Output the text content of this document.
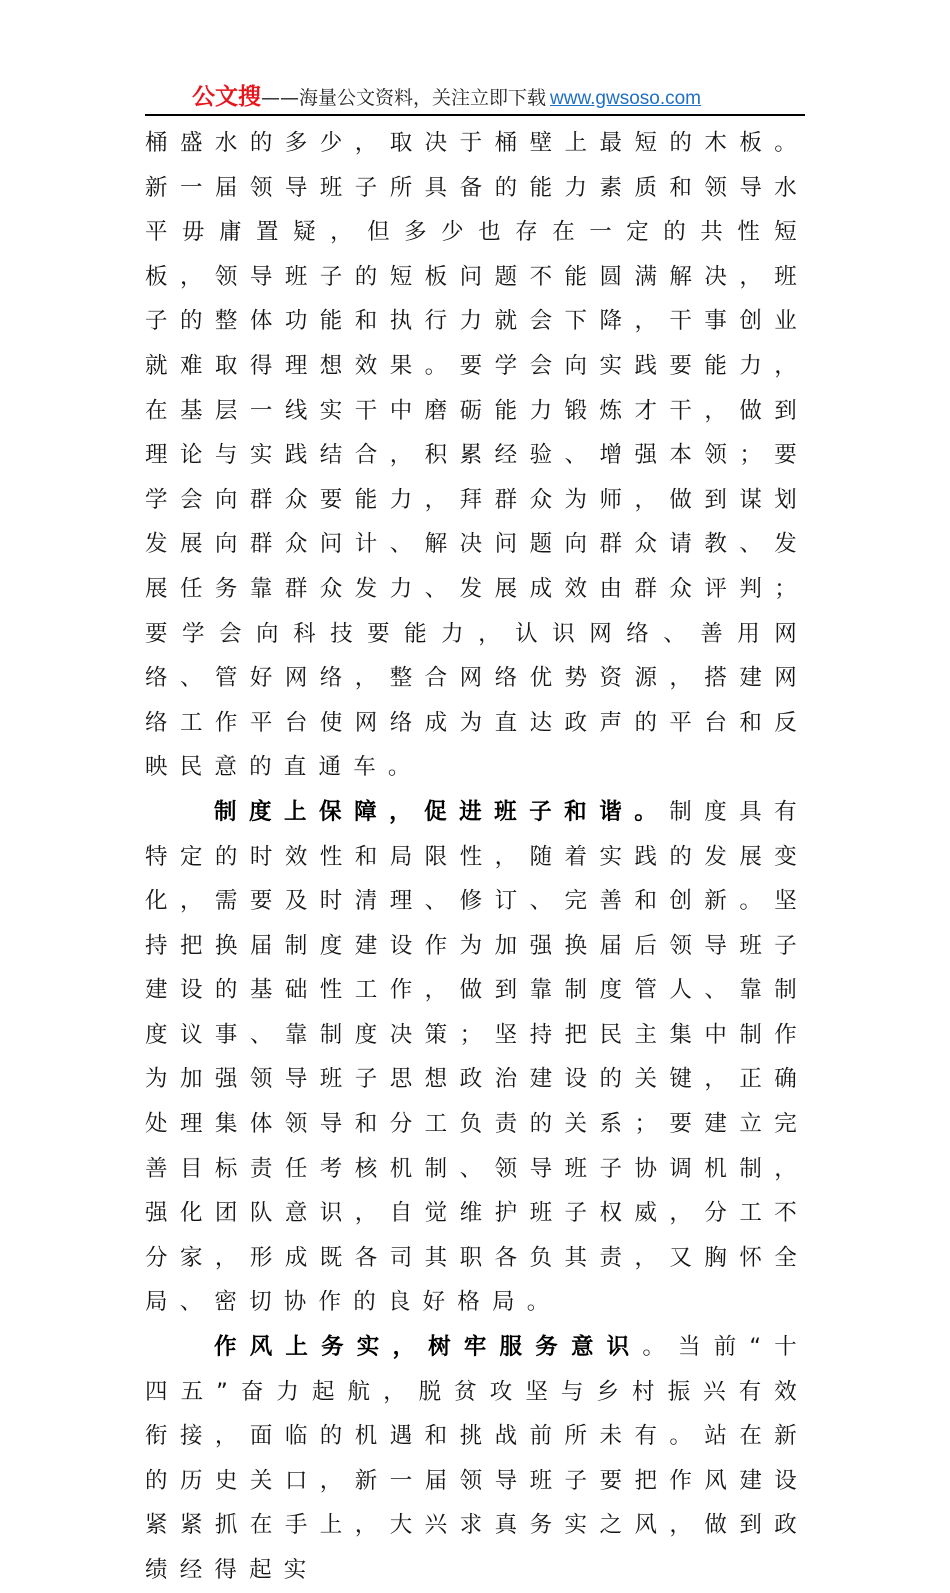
公文搜——海量公文资料，关注立即下载 www.gwsoso.com

桶盛水的多少，取决于桶壁上最短的木板。新一届领导班子所具备的能力素质和领导水平毋庸置疑，但多少也存在一定的共性短板，领导班子的短板问题不能圆满解决，班子的整体功能和执行力就会下降，干事创业就难取得理想效果。要学会向实践要能力，在基层一线实干中磨砺能力锻炼才干，做到理论与实践结合，积累经验、增强本领；要学会向群众要能力，拜群众为师，做到谋划发展向群众问计、解决问题向群众请教、发展任务靠群众发力、发展成效由群众评判；要学会向科技要能力，认识网络、善用网络、管好网络，整合网络优势资源，搭建网络工作平台使网络成为直达政声的平台和反映民意的直通车。

制度上保障，促进班子和谐。制度具有特定的时效性和局限性，随着实践的发展变化，需要及时清理、修订、完善和创新。坚持把换届制度建设作为加强换届后领导班子建设的基础性工作，做到靠制度管人、靠制度议事、靠制度决策；坚持把民主集中制作为加强领导班子思想政治建设的关键，正确处理集体领导和分工负责的关系；要建立完善目标责任考核机制、领导班子协调机制，强化团队意识，自觉维护班子权威，分工不分家，形成既各司其职各负其责，又胸怀全局、密切协作的良好格局。

作风上务实，树牢服务意识。当前“十四五”奋力起航，脱贫攻坚与乡村振兴有效衔接，面临的机遇和挑战前所未有。站在新的历史关口，新一届领导班子要把作风建设紧紧抓在手上，大兴求真务实之风，做到政绩经得起实
